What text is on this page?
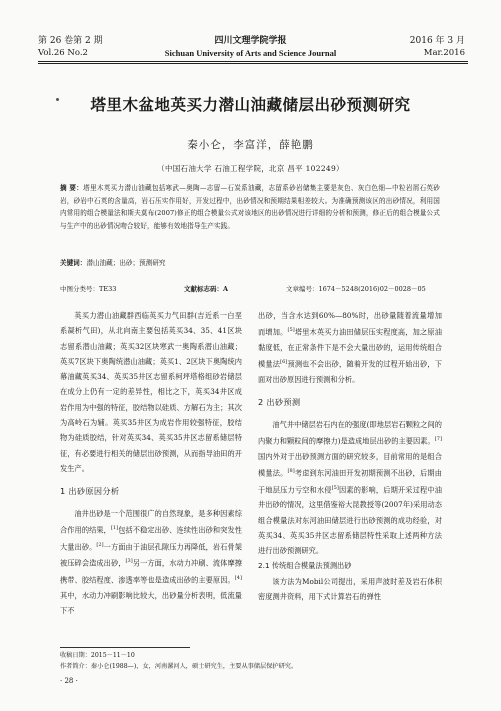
第 26 卷第 2 期
Vol.26 No.2
四川文理学院学报
Sichuan University of Arts and Science Journal
2016 年 3 月
Mar.2016
塔里木盆地英买力潜山油藏储层出砂预测研究
秦小仑，李富洋，薛艳鹏
（中国石油大学 石油工程学院，北京 昌平 102249）
摘 要：塔里木英买力潜山油藏包括寒武—奥陶—志留—石炭系油藏，志留系砂岩储集主要是灰色、灰白色细—中粒岩屑石英砂岩，砂岩中石英的含量高，岩石压实作用好，开发过程中，出砂情况和预期结果相差较大。为准确预测该区的出砂情况，利用国内常用的组合模量法和斯夫莫布(2007)修正的组合模量公式对该地区的出砂情况进行详细的分析和预测，修正后的组合模量公式与生产中的出砂情况吻合较好，能够有效地指导生产实践。
关键词：潜山油藏；出砂；预测研究
中图分类号：TE33	文献标志码：A	文章编号：1674－5248(2016)02－0028－05

英买力潜山油藏群西临英买力气田群(吉近系一白垩系凝析气田)，从北向南主要包括英买34、35、41区块志留系潜山油藏；英买32区块寒武一奥陶系潜山油藏；英买7区块下奥陶统潜山油藏；英买1、2区块下奥陶统内幕油藏英买34、英买35井区志留系柯坪塔格组砂岩储层在成分上仍有一定的差异性，相比之下，英买34井区成岩作用为中强的特征，胶结物以硅质、方解石为主；其次为高岭石为辅。英买35井区为成岩作用较强特征，胶结物为硅质胶结，针对英买34、英买35井区志留系储层特征，有必要进行相关的储层出砂预测，从而指导油田的开发生产。

1 出砂原因分析

油井出砂是一个范围很广的自然现象，是多种因素综合作用的结果，[1]包括不稳定出砂、连续性出砂和突发性大量出砂。[2]一方面由于油层孔隙压力再降低，岩石骨架被压碎会造成出砂，[3]另一方面，水动力冲刷、流体摩擦携带、胶结程度、渗透率等也是造成出砂的主要原因。[4]其中，水动力冲刷影响比较大，出砂量分析表明，低流量下不

出砂，当含水达到60%—80%时，出砂量随着流量增加而增加。[5]塔里木英买力油田储层压实程度高，加之原油黏度低，在正常条件下是不会大量出砂的，运用传统组合模量法[6]预测也不会出砂，随着开发的过程开始出砂，下面对出砂原因进行预测和分析。

2 出砂预测

油气井中储层岩石内在的强度(即地层岩石颗粒之间的内聚力和颗粒间的摩擦力)是造成地层出砂的主要因素。[7]国内外对于出砂预测方面的研究较多，目前常用的是组合模量法。[8]考虑到东河油田开发初期预测不出砂，后期由于地层压力亏空和水侵[5]因素的影响，后期开采过程中油井出砂的情况，这里借鉴裕大昆教授等(2007年)采用动态组合模量法对东河油田储层进行出砂预测的成功经验，对英买34、英买35井区志留系储层特性采取上述两种方法进行出砂预测研究。

2.1 传统组合模量法预测出砂

该方法为Mobil公司提出，采用声波时差及岩石体积密度测井资料，用下式计算岩石的弹性

收稿日期：2015－11－10
作者简介：秦小仑(1988—)，女，河南漯河人，硕士研究生，主要从事储层保护研究。
· 28 ·
